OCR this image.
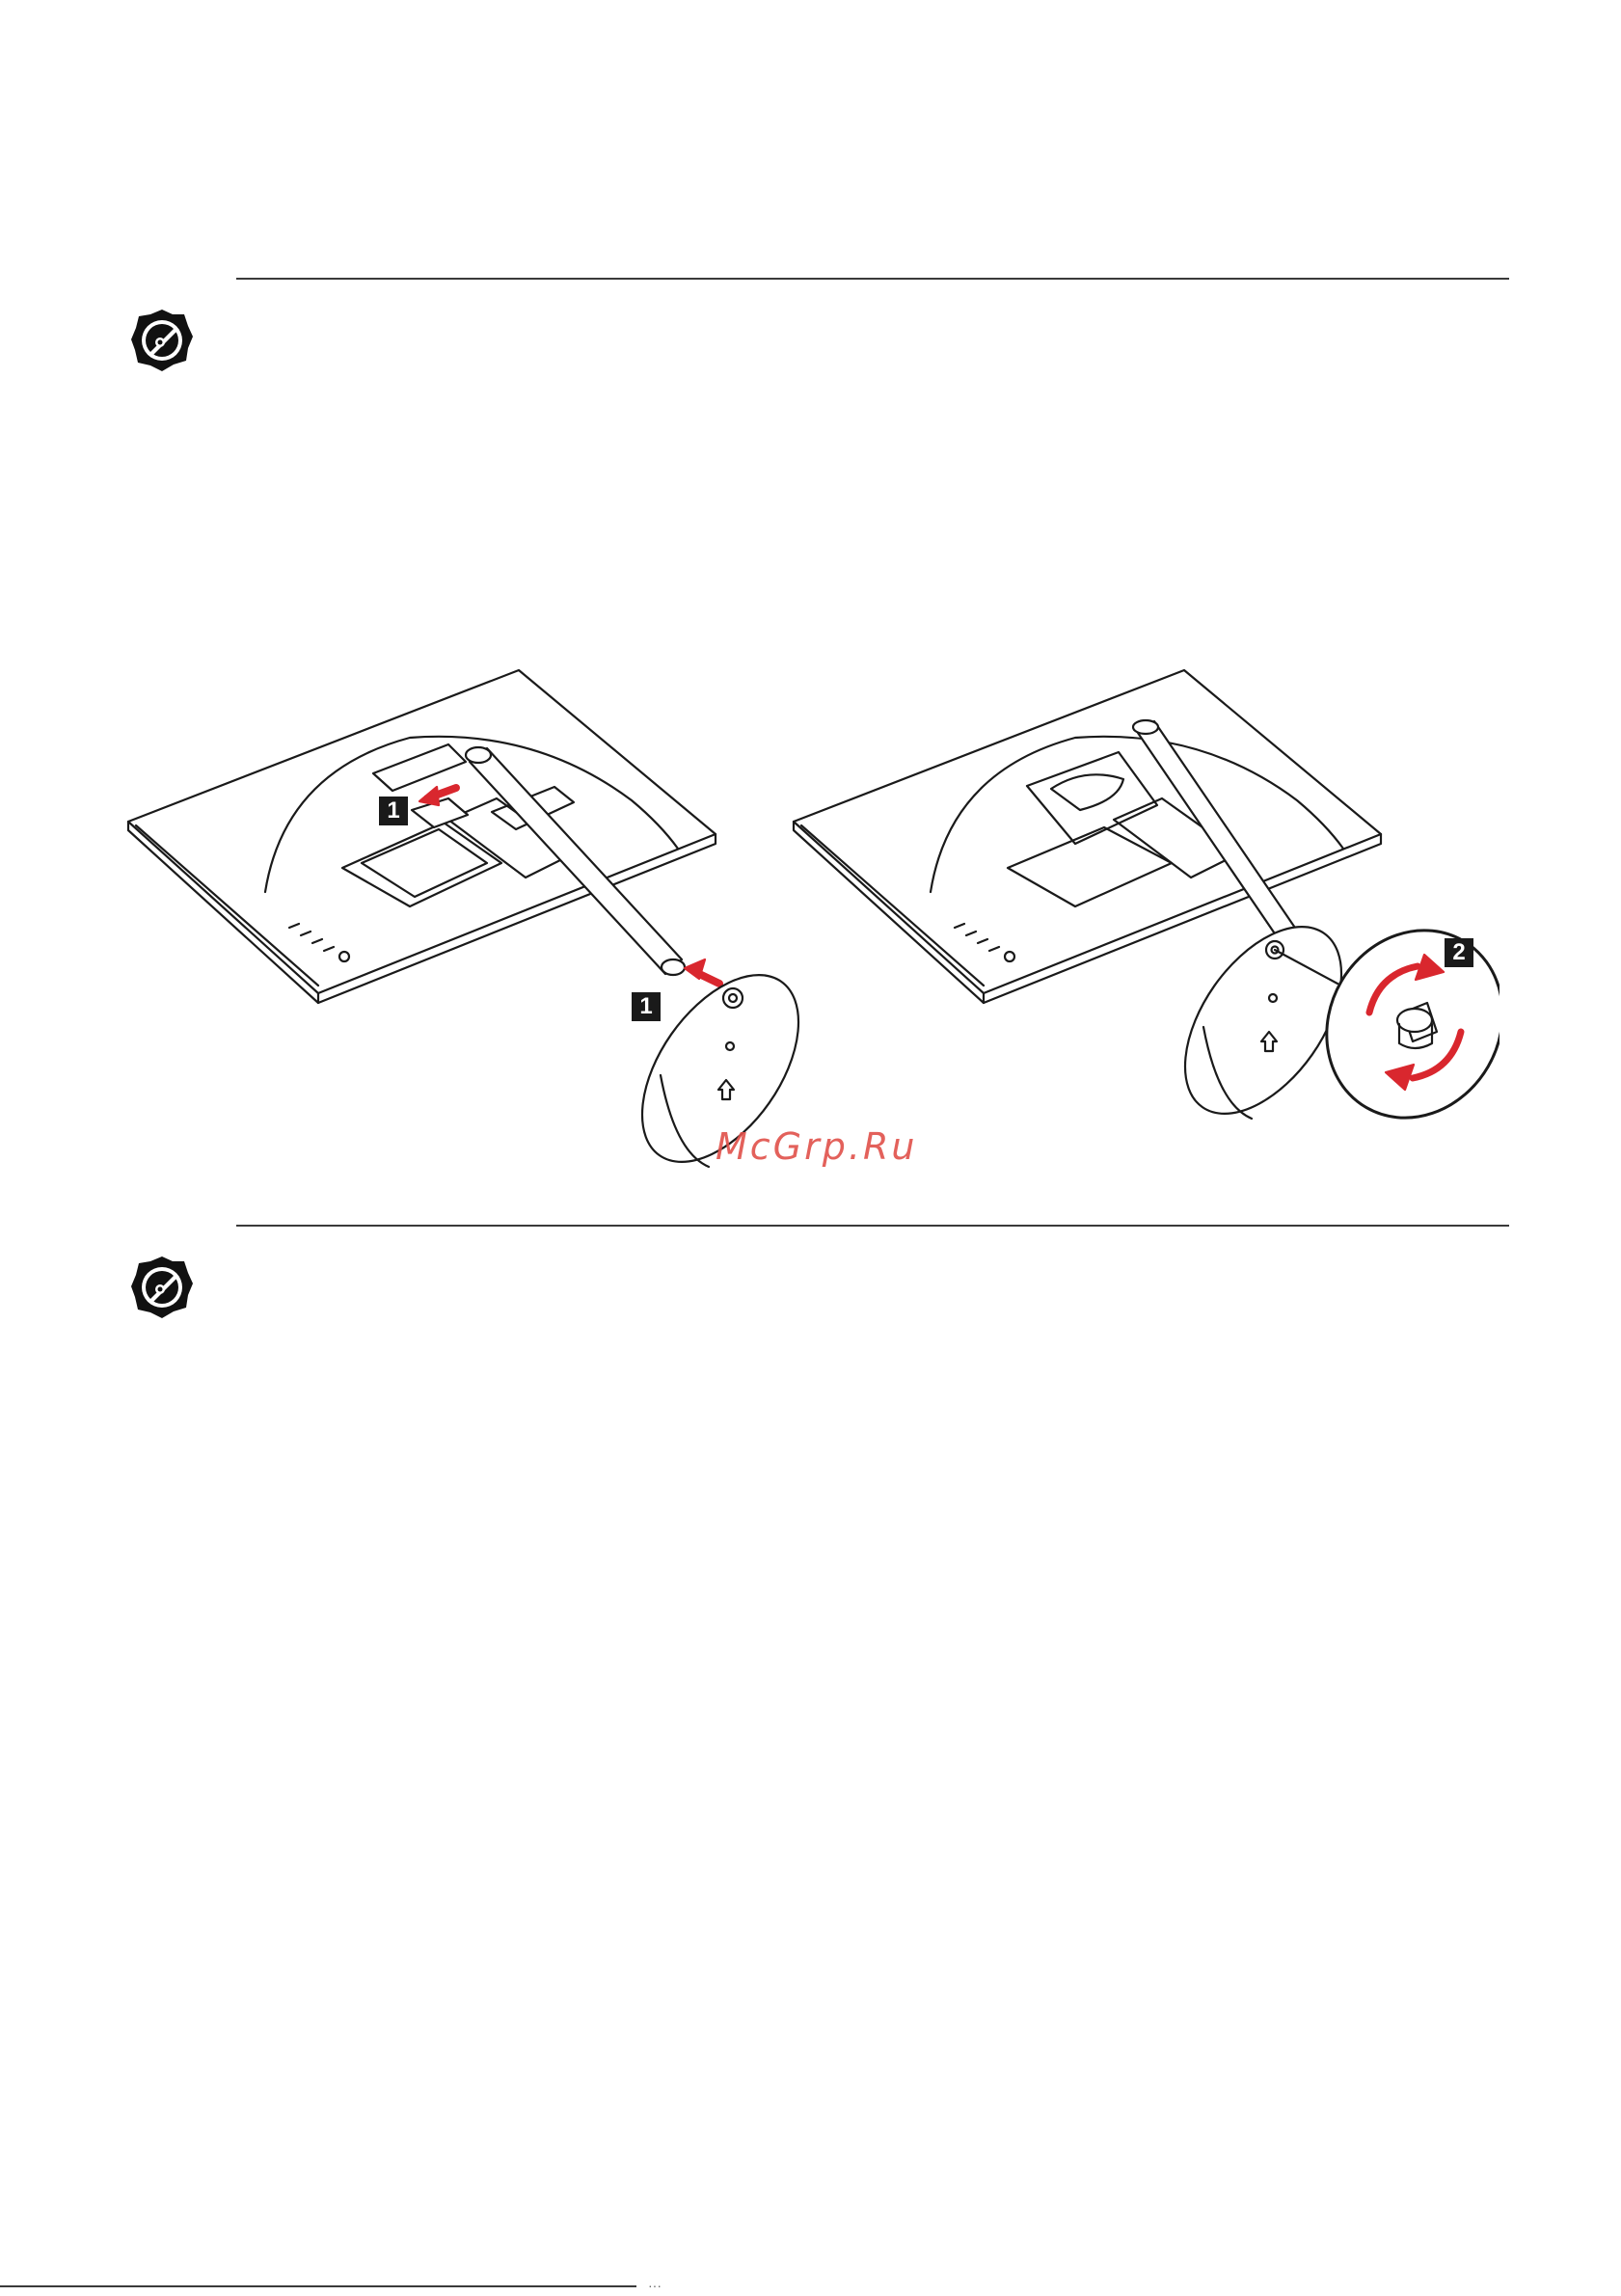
1
1
2
McGrp.Ru
···
